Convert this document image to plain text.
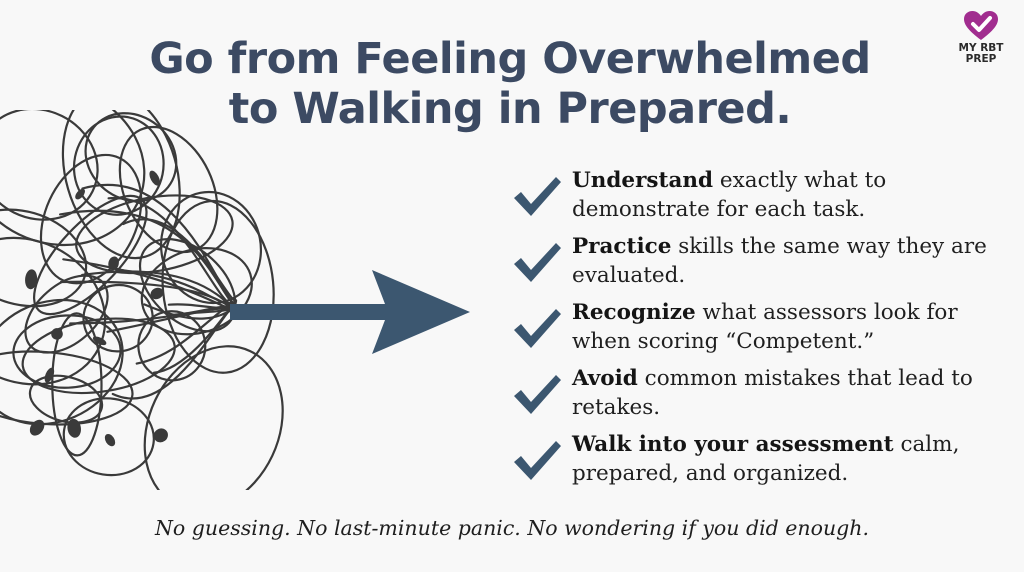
Go from Feeling Overwhelmed
to Walking in Prepared.
MY RBT
PREP
Understand exactly what to demonstrate for each task.
Practice skills the same way they are evaluated.
Recognize what assessors look for when scoring “Competent.”
Avoid common mistakes that lead to retakes.
Walk into your assessment calm, prepared, and organized.
No guessing. No last-minute panic. No wondering if you did enough.
